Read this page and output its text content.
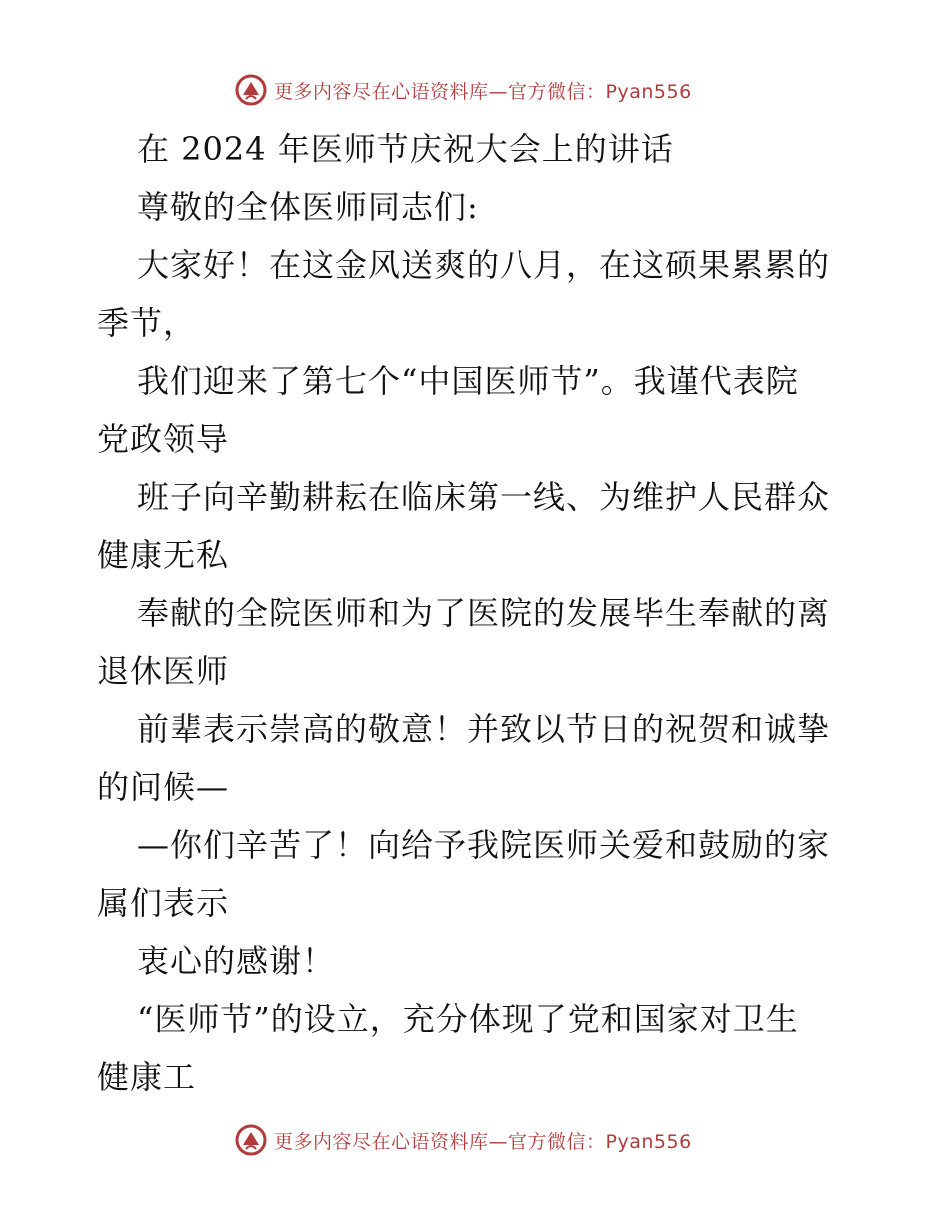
更多内容尽在心语资料库—官方微信：Pyan556
在 2024 年医师节庆祝大会上的讲话
尊敬的全体医师同志们:
大家好！在这金风送爽的八月，在这硕果累累的
季节，
我们迎来了第七个“中国医师节”。我谨代表院
党政领导
班子向辛勤耕耘在临床第一线、为维护人民群众
健康无私
奉献的全院医师和为了医院的发展毕生奉献的离
退休医师
前辈表示崇高的敬意！并致以节日的祝贺和诚挚
的问候—
—你们辛苦了！向给予我院医师关爱和鼓励的家
属们表示
衷心的感谢！
“医师节”的设立，充分体现了党和国家对卫生
健康工
更多内容尽在心语资料库—官方微信：Pyan556
